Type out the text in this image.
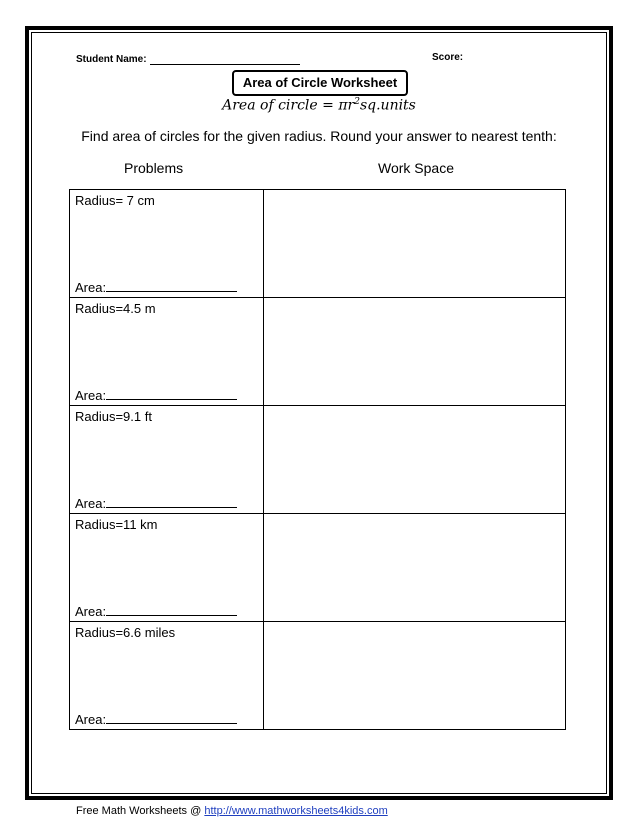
Student Name:	Score:
Area of Circle Worksheet
Area of circle = $\pi r^2sq.units$
Find area of circles for the given radius. Round your answer to nearest tenth:
Problems	Work Space
Radius= 7 cm
Area:	

Radius=4.5 m
Area:	

Radius=9.1 ft
Area:	

Radius=11 km
Area:	

Radius=6.6 miles
Area:	

Free Math Worksheets @ http://www.mathworksheets4kids.com
